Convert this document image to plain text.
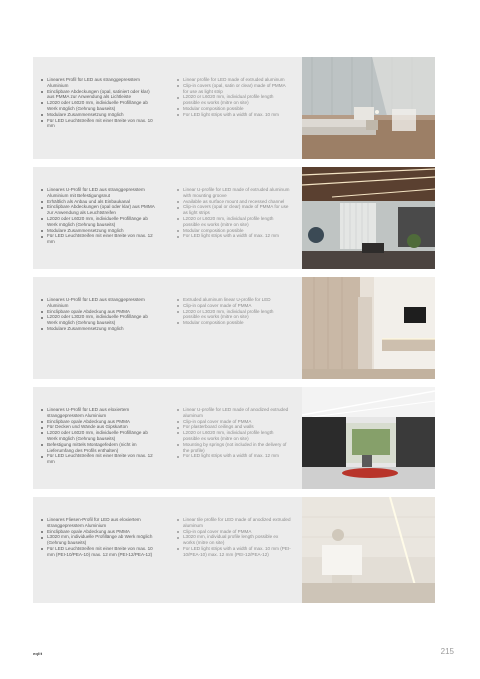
Lineares Profil für LED aus stranggepresstem Aluminium
Einclipbare Abdeckungen (opal, satiniert oder klar) aus PMMA zur Anwendung als Lichtleiste
L2020 oder L6020 mm, individuelle Profillänge ab Werk möglich (Gehrung bauseits)
Modulare Zusammensetzung möglich
Für LED Leuchtstreifen mit einer Breite von max. 10 mm
Linear profile for LED made of extruded aluminum
Clip-in covers (opal, satin or clear) made of PMMA for use as light strip
L2020 or L6020 mm, individual profile length possible ex works (mitre on site)
Modular composition possible
For LED light strips with a width of max. 10 mm
Lineares U-Profil für LED aus stranggepresstem Aluminium mit Befestigungsnut
Erhältlich als Anbau und als Einbaukanal
Einclipbare Abdeckungen (opal oder klar) aus PMMA zur Anwendung als Leuchtstreifen
L2020 oder L6020 mm, individuelle Profillänge ab Werk möglich (Gehrung bauseits)
Modulare Zusammensetzung möglich
Für LED Leuchtstreifen mit einer Breite von max. 12 mm
Linear U-profile for LED made of extruded aluminum with mounting groove
Available as surface mount and recessed channel
Clip-in covers (opal or clear) made of PMMA for use as light strips
L2020 or L6020 mm, individual profile length possible ex works (mitre on site)
Modular composition possible
For LED light strips with a width of max. 12 mm
Lineares U-Profil für LED aus stranggepresstem Aluminium
Einclipbare opale Abdeckung aus PMMA
L2020 oder L3020 mm, individuelle Profillänge ab Werk möglich (Gehrung bauseits)
Modulare Zusammensetzung möglich
Extruded aluminum linear U-profile for LED
Clip-in opal cover made of PMMA
L2020 or L3020 mm, individual profile length possible ex works (mitre on site)
Modular composition possible
Lineares U-Profil für LED aus eloxiertem stranggepresstem Aluminium
Einclipbare opale Abdeckung aus PMMA
Für Decken und Wände aus Gipskarton
L2020 oder L6020 mm, individuelle Profillänge ab Werk möglich (Gehrung bauseits)
Befestigung mittels Montagefedern (nicht im Lieferumfang des Profils enthalten)
Für LED Leuchtstreifen mit einer Breite von max. 12 mm
Linear U-profile for LED made of anodized extruded aluminum
Clip-in opal cover made of PMMA
For plasterboard ceilings and walls
L2020 or L6020 mm, individual profile length possible ex works (mitre on site)
Mounting by springs (not included in the delivery of the profile)
For LED light strips with a width of max. 12 mm
Lineares Fliesen-Profil für LED aus eloxiertem stranggepresstem Aluminium
Einclipbare opale Abdeckung aus PMMA
L3020 mm, individuelle Profillänge ab Werk möglich (Gehrung bauseits)
Für LED Leuchtstreifen mit einer Breite von max. 10 mm (PEI-10/PEA-10) max. 12 mm (PEI-12/PEA-12)
Linear tile profile for LED made of anodized extruded aluminum
Clip-in opal cover made of PMMA
L3020 mm, individual profile length possible ex works (mitre on site)
For LED light strips with a width of max. 10 mm (PEI-10/PEA-10) max. 12 mm (PEI-12/PEA-12)
eqlit	215
